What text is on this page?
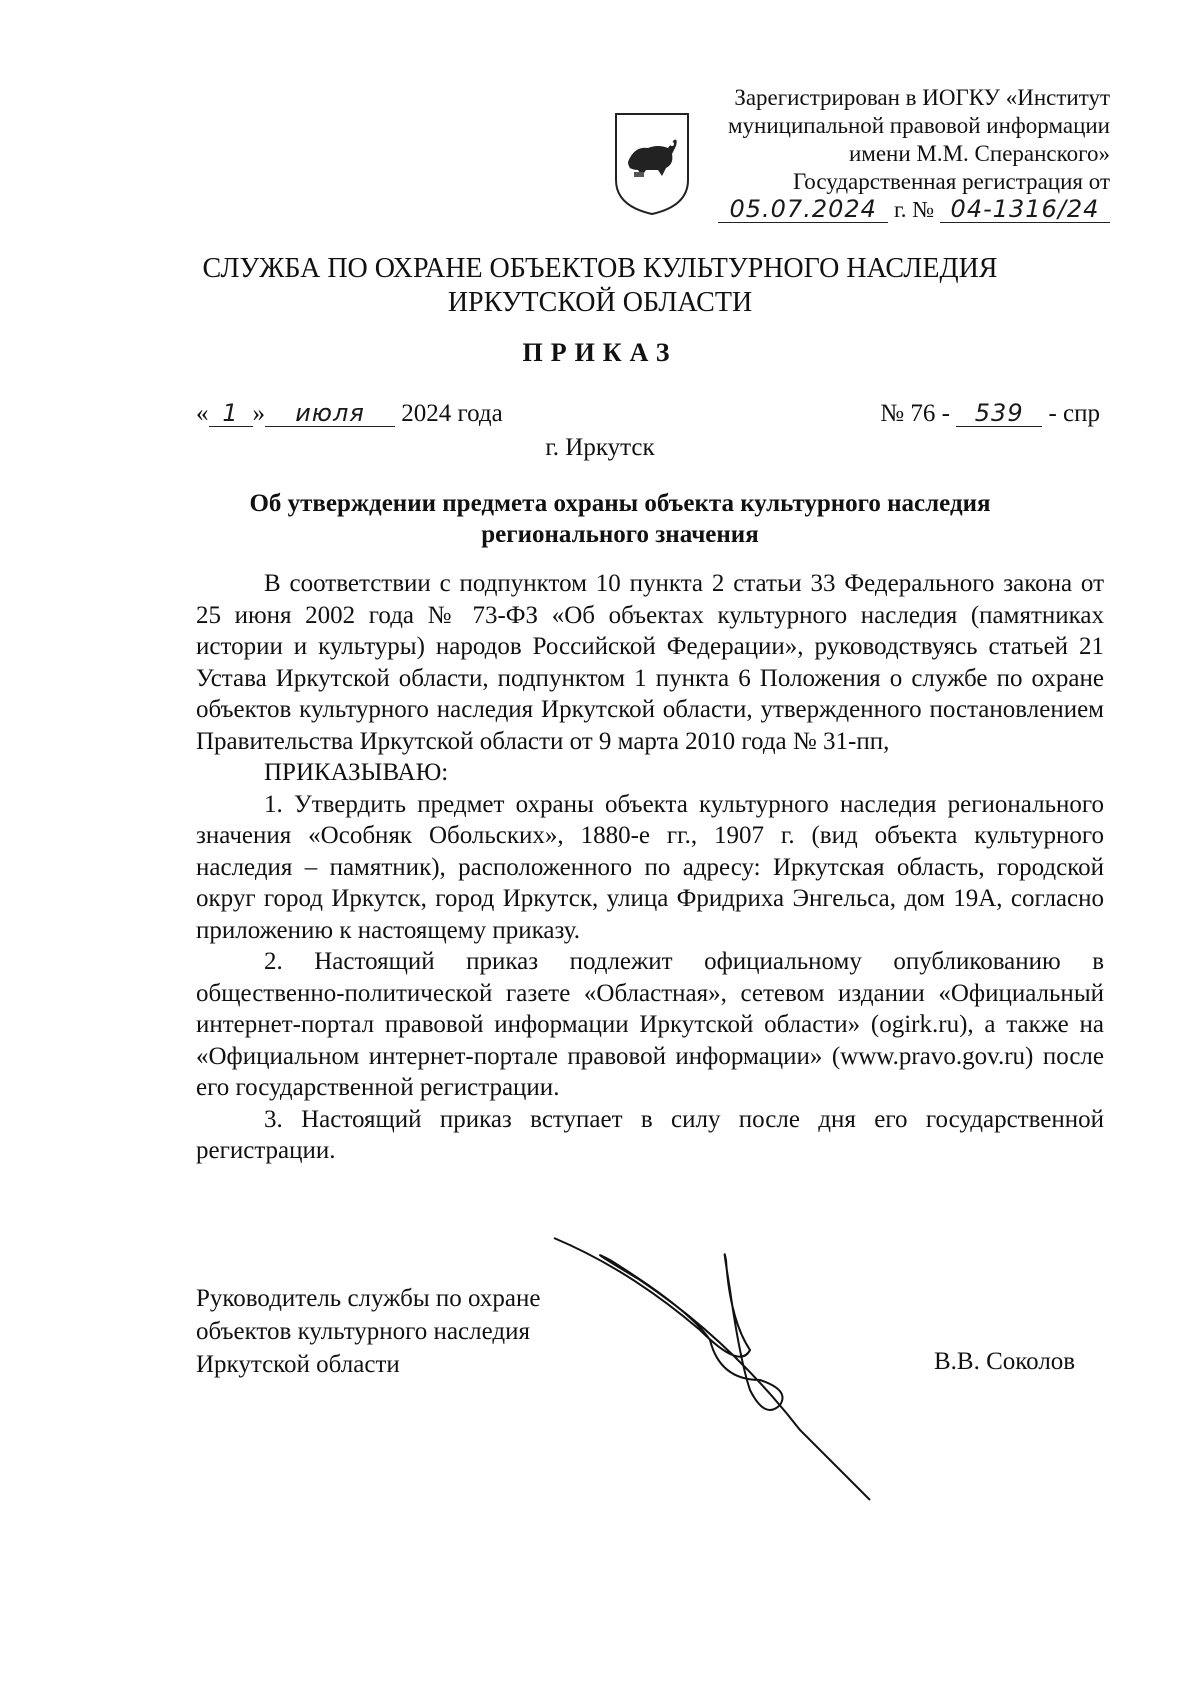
Зарегистрирован в ИОГКУ «Институт
муниципальной правовой информации
имени М.М. Сперанского»
Государственная регистрация от
05.07.2024 г. № 04-1316/24
СЛУЖБА ПО ОХРАНЕ ОБЪЕКТОВ КУЛЬТУРНОГО НАСЛЕДИЯ
ИРКУТСКОЙ ОБЛАСТИ
ПРИКАЗ
« 1 » июля 2024 года	№ 76 - 539 - спр
г. Иркутск
Об утверждении предмета охраны объекта культурного наследия
регионального значения

В соответствии с подпунктом 10 пункта 2 статьи 33 Федерального закона от 25 июня 2002 года № 73-ФЗ «Об объектах культурного наследия (памятниках истории и культуры) народов Российской Федерации», руководствуясь статьей 21 Устава Иркутской области, подпунктом 1 пункта 6 Положения о службе по охране объектов культурного наследия Иркутской области, утвержденного постановлением Правительства Иркутской области от 9 марта 2010 года № 31-пп,

ПРИКАЗЫВАЮ:

1. Утвердить предмет охраны объекта культурного наследия регионального значения «Особняк Обольских», 1880-е гг., 1907 г. (вид объекта культурного наследия – памятник), расположенного по адресу: Иркутская область, городской округ город Иркутск, город Иркутск, улица Фридриха Энгельса, дом 19А, согласно приложению к настоящему приказу.

2. Настоящий приказ подлежит официальному опубликованию в общественно-политической газете «Областная», сетевом издании «Официальный интернет-портал правовой информации Иркутской области» (ogirk.ru), а также на «Официальном интернет-портале правовой информации» (www.pravo.gov.ru) после его государственной регистрации.

3. Настоящий приказ вступает в силу после дня его государственной регистрации.

Руководитель службы по охране
объектов культурного наследия
Иркутской области	В.В. Соколов
